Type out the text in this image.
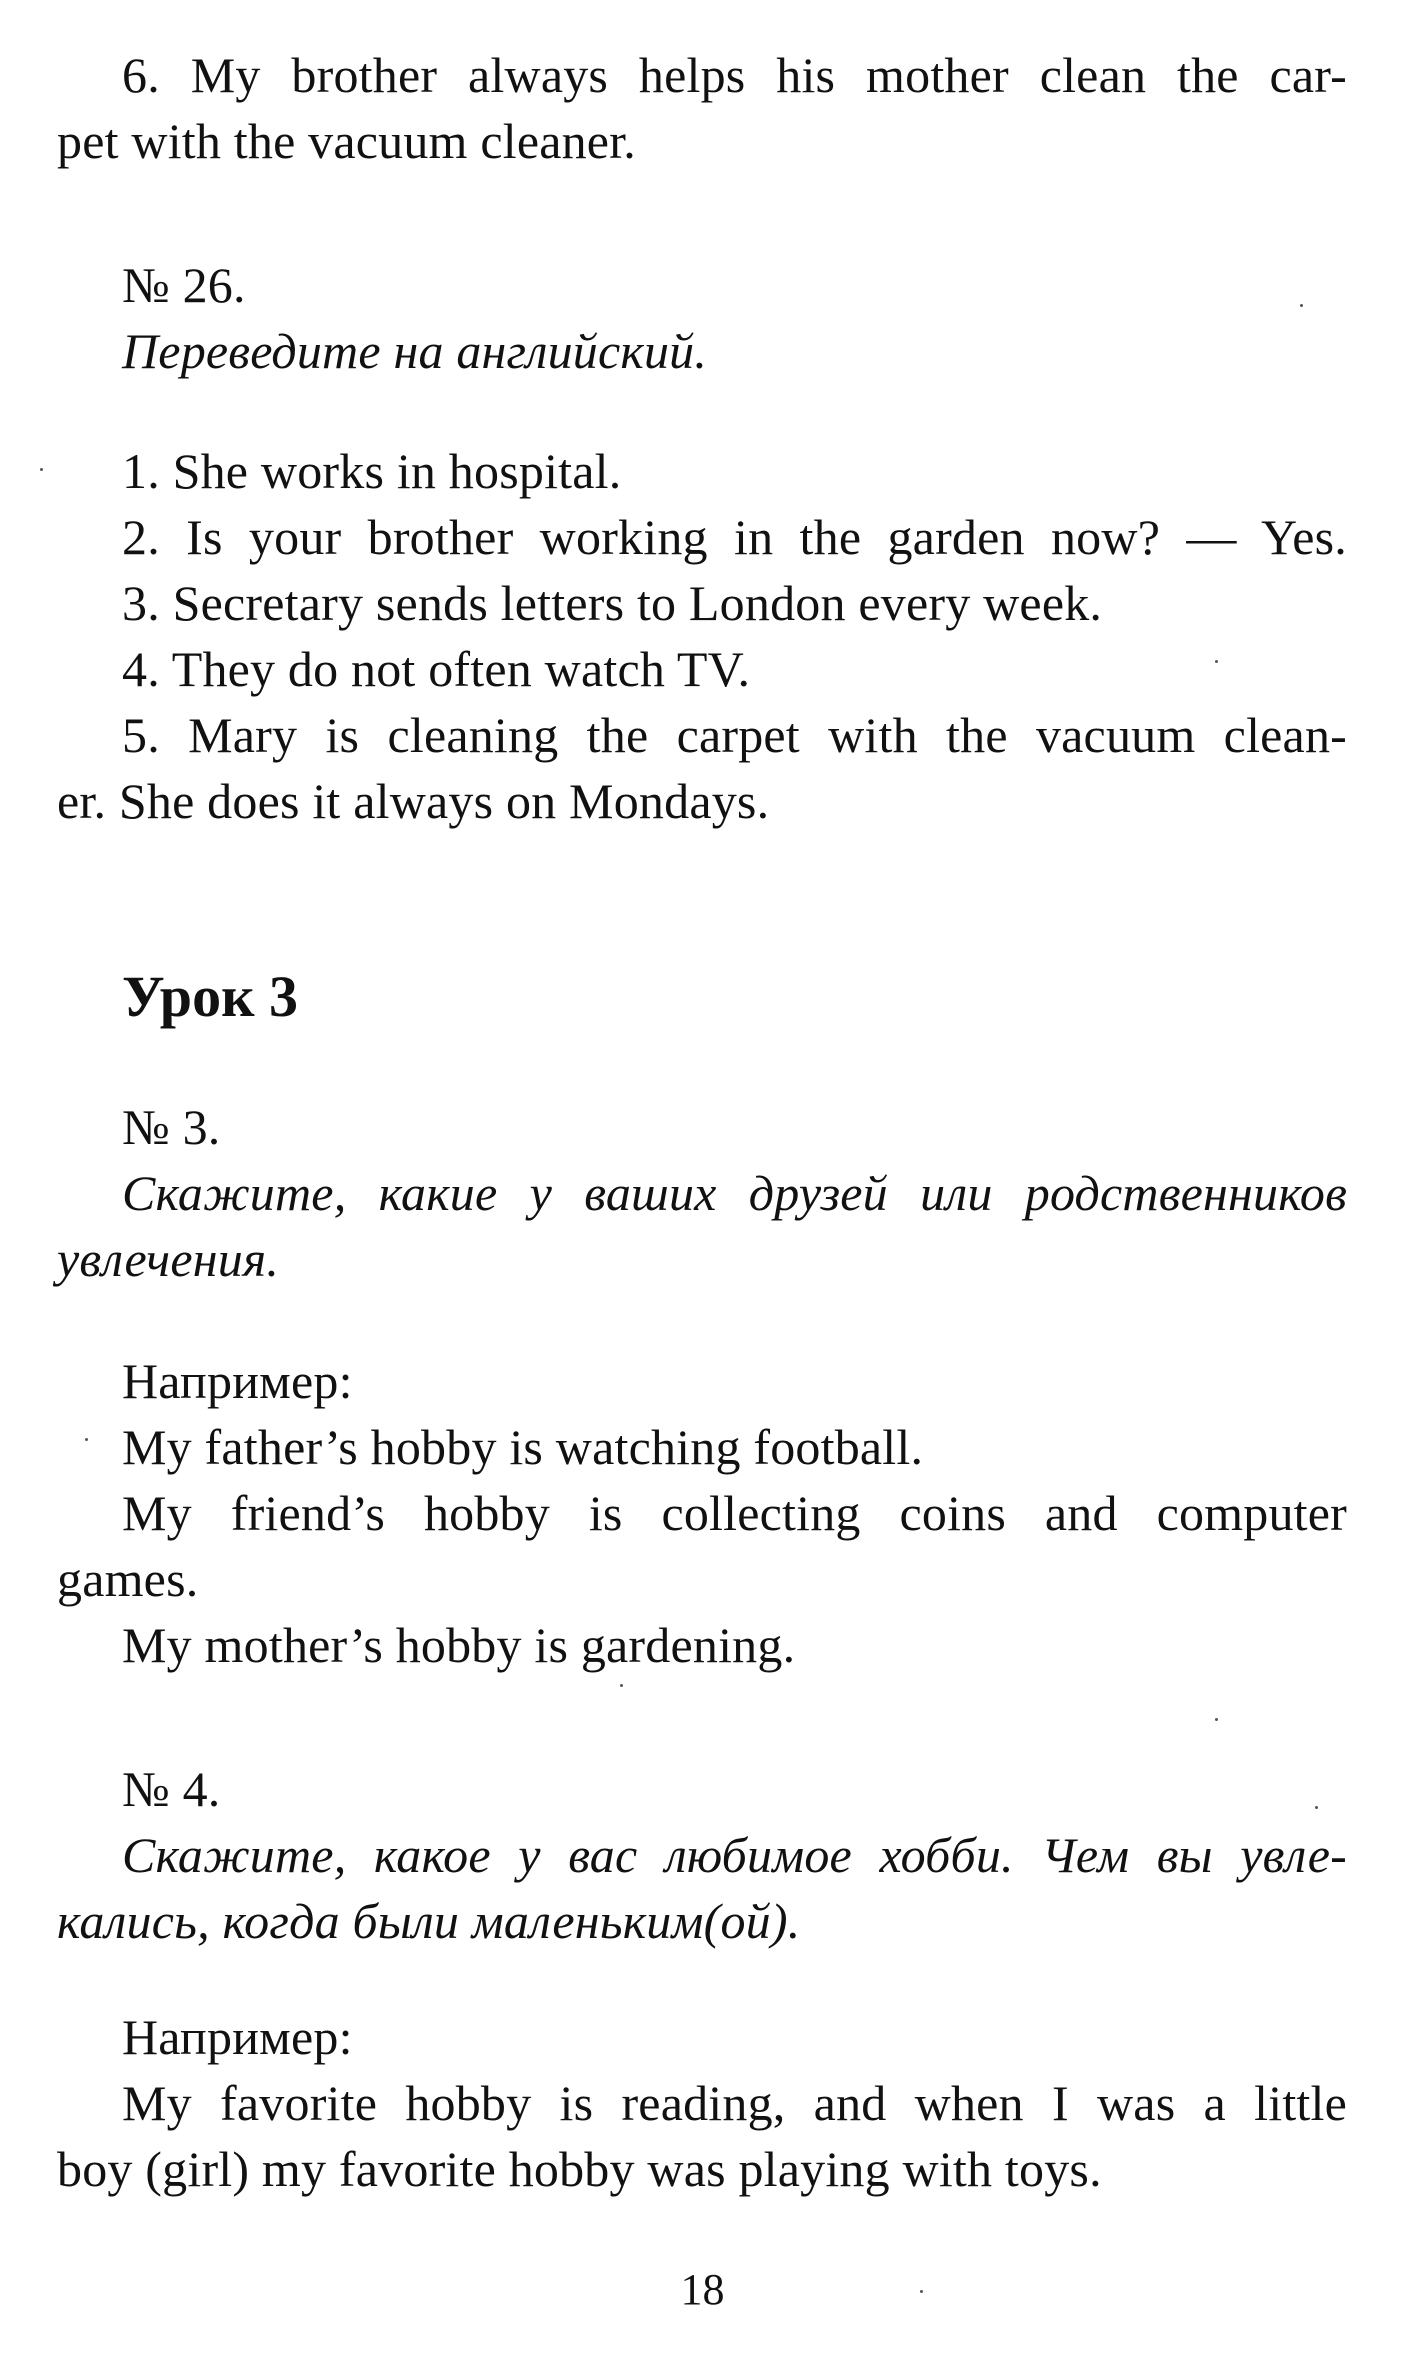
6. My brother always helps his mother clean the car-
pet with the vacuum cleaner.
№ 26.
Переведите на английский.
1. She works in hospital.
2. Is your brother working in the garden now? — Yes.
3. Secretary sends letters to London every week.
4. They do not often watch TV.
5. Mary is cleaning the carpet with the vacuum clean-
er. She does it always on Mondays.
Урок 3
№ 3.
Скажите, какие у ваших друзей или родственников
увлечения.
Например:
My father’s hobby is watching football.
My friend’s hobby is collecting coins and computer
games.
My mother’s hobby is gardening.
№ 4.
Скажите, какое у вас любимое хобби. Чем вы увле-
кались, когда были маленьким(ой).
Например:
My favorite hobby is reading, and when I was a little
boy (girl) my favorite hobby was playing with toys.
18
